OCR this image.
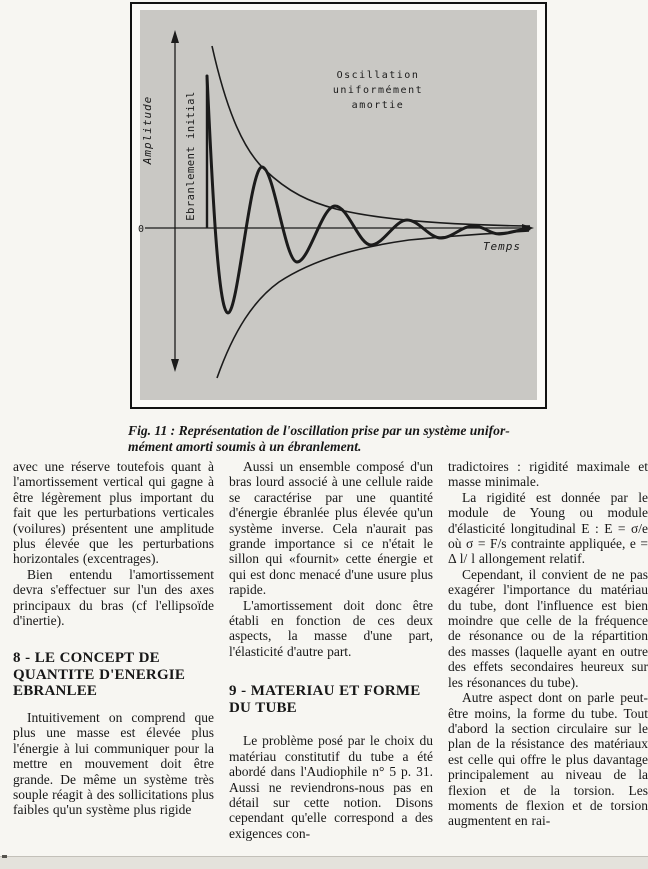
Amplitude	Ebranlement initial
Oscillation
uniformément
amortie
0
Temps
Fig. 11 : Représentation de l'oscillation prise par un système unifor-
mément amorti soumis à un ébranlement.

avec une réserve toutefois quant à l'amortissement vertical qui gagne à être légèrement plus important du fait que les perturbations verticales (voilures) présentent une amplitude plus élevée que les perturbations horizontales (excentrages).

Bien entendu l'amortissement devra s'effectuer sur l'un des axes principaux du bras (cf l'ellipsoïde d'inertie).

8 - LE CONCEPT DE
QUANTITE D'ENERGIE
EBRANLEE

Intuitivement on comprend que plus une masse est élevée plus l'énergie à lui communiquer pour la mettre en mouvement doit être grande. De même un système très souple réagit à des sollicitations plus faibles qu'un système plus rigide

Aussi un ensemble composé d'un bras lourd associé à une cellule raide se caractérise par une quantité d'énergie ébranlée plus élevée qu'un système inverse. Cela n'aurait pas grande importance si ce n'était le sillon qui «fournit» cette énergie et qui est donc menacé d'une usure plus rapide.

L'amortissement doit donc être établi en fonction de ces deux aspects, la masse d'une part, l'élasticité d'autre part.

9 - MATERIAU ET FORME
DU TUBE

Le problème posé par le choix du matériau constitutif du tube a été abordé dans l'Audiophile n° 5 p. 31. Aussi ne reviendrons-nous pas en détail sur cette notion. Disons cependant qu'elle correspond a des exigences con-

tradictoires : rigidité maximale et masse minimale.

La rigidité est donnée par le module de Young ou module d'élasticité longitudinal E : E = σ/e où σ = F/s contrainte appliquée, e = Δ l/ l allongement relatif.

Cependant, il convient de ne pas exagérer l'importance du matériau du tube, dont l'influence est bien moindre que celle de la fréquence de résonance ou de la répartition des masses (laquelle ayant en outre des effets secondaires heureux sur les résonances du tube).

Autre aspect dont on parle peut-être moins, la forme du tube. Tout d'abord la section circulaire sur le plan de la résistance des matériaux est celle qui offre le plus davantage principalement au niveau de la flexion et de la torsion. Les moments de flexion et de torsion augmentent en rai-
